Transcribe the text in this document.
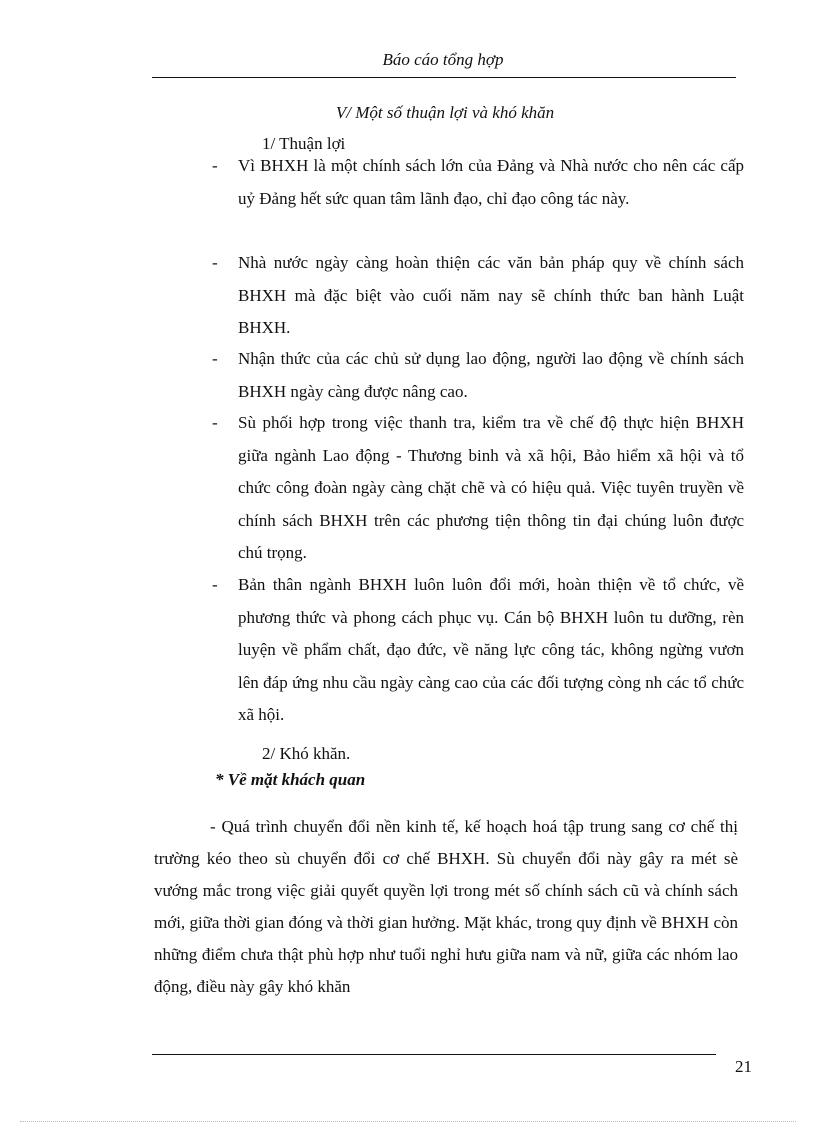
Báo cáo tổng hợp
V/ Một số thuận lợi và khó khăn
1/ Thuận lợi
- Vì BHXH là một chính sách lớn của Đảng và Nhà nước cho nên các cấp uỷ Đảng hết sức quan tâm lãnh đạo, chỉ đạo công tác này.
- Nhà nước ngày càng hoàn thiện các văn bản pháp quy về chính sách BHXH mà đặc biệt vào cuối năm nay sẽ chính thức ban hành Luật BHXH.
- Nhận thức của các chủ sử dụng lao động, người lao động về chính sách BHXH ngày càng được nâng cao.
- Sù phối hợp trong việc thanh tra, kiểm tra về chế độ thực hiện BHXH giữa ngành Lao động - Thương binh và xã hội, Bảo hiểm xã hội và tổ chức công đoàn ngày càng chặt chẽ và có hiệu quả. Việc tuyên truyền về chính sách BHXH trên các phương tiện thông tin đại chúng luôn được chú trọng.
- Bản thân ngành BHXH luôn luôn đổi mới, hoàn thiện về tổ chức, về phương thức và phong cách phục vụ. Cán bộ BHXH luôn tu dưỡng, rèn luyện về phẩm chất, đạo đức, về năng lực công tác, không ngừng vươn lên đáp ứng nhu cầu ngày càng cao của các đối tượng còng nh các tổ chức xã hội.
2/ Khó khăn.
* Về mặt khách quan
- Quá trình chuyển đổi nền kinh tế, kế hoạch hoá tập trung sang cơ chế thị trường kéo theo sù chuyển đổi cơ chế BHXH. Sù chuyển đổi này gây ra mét sè vướng mắc trong việc giải quyết quyền lợi trong mét số chính sách cũ và chính sách mới, giữa thời gian đóng và thời gian hưởng. Mặt khác, trong quy định về BHXH còn những điểm chưa thật phù hợp như tuổi nghỉ hưu giữa nam và nữ, giữa các nhóm lao động, điều này gây khó khăn
21
